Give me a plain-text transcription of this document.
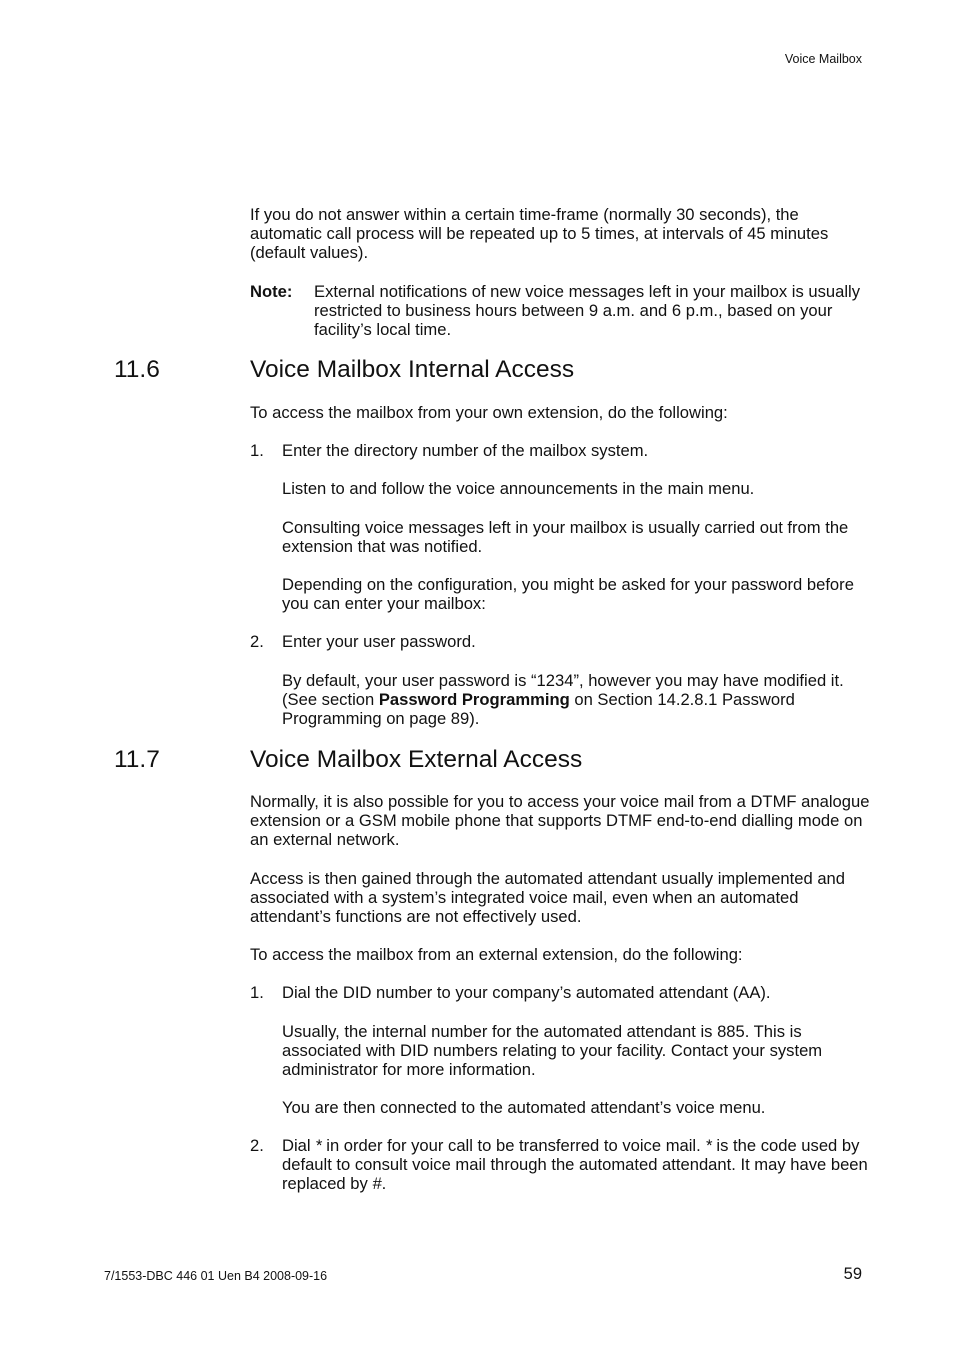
Voice Mailbox
If you do not answer within a certain time-frame (normally 30 seconds), the automatic call process will be repeated up to 5 times, at intervals of 45 minutes (default values).
Note: External notifications of new voice messages left in your mailbox is usually restricted to business hours between 9 a.m. and 6 p.m., based on your facility’s local time.
11.6	Voice Mailbox Internal Access
To access the mailbox from your own extension, do the following:
1. Enter the directory number of the mailbox system.
Listen to and follow the voice announcements in the main menu.
Consulting voice messages left in your mailbox is usually carried out from the extension that was notified.
Depending on the configuration, you might be asked for your password before you can enter your mailbox:
2. Enter your user password.
By default, your user password is “1234”, however you may have modified it. (See section Password Programming on Section 14.2.8.1 Password Programming on page 89).
11.7	Voice Mailbox External Access
Normally, it is also possible for you to access your voice mail from a DTMF analogue extension or a GSM mobile phone that supports DTMF end-to-end dialling mode on an external network.
Access is then gained through the automated attendant usually implemented and associated with a system’s integrated voice mail, even when an automated attendant’s functions are not effectively used.
To access the mailbox from an external extension, do the following:
1. Dial the DID number to your company’s automated attendant (AA).
Usually, the internal number for the automated attendant is 885. This is associated with DID numbers relating to your facility. Contact your system administrator for more information.
You are then connected to the automated attendant’s voice menu.
2. Dial * in order for your call to be transferred to voice mail. * is the code used by default to consult voice mail through the automated attendant. It may have been replaced by #.
7/1553-DBC 446 01 Uen B4 2008-09-16	59
